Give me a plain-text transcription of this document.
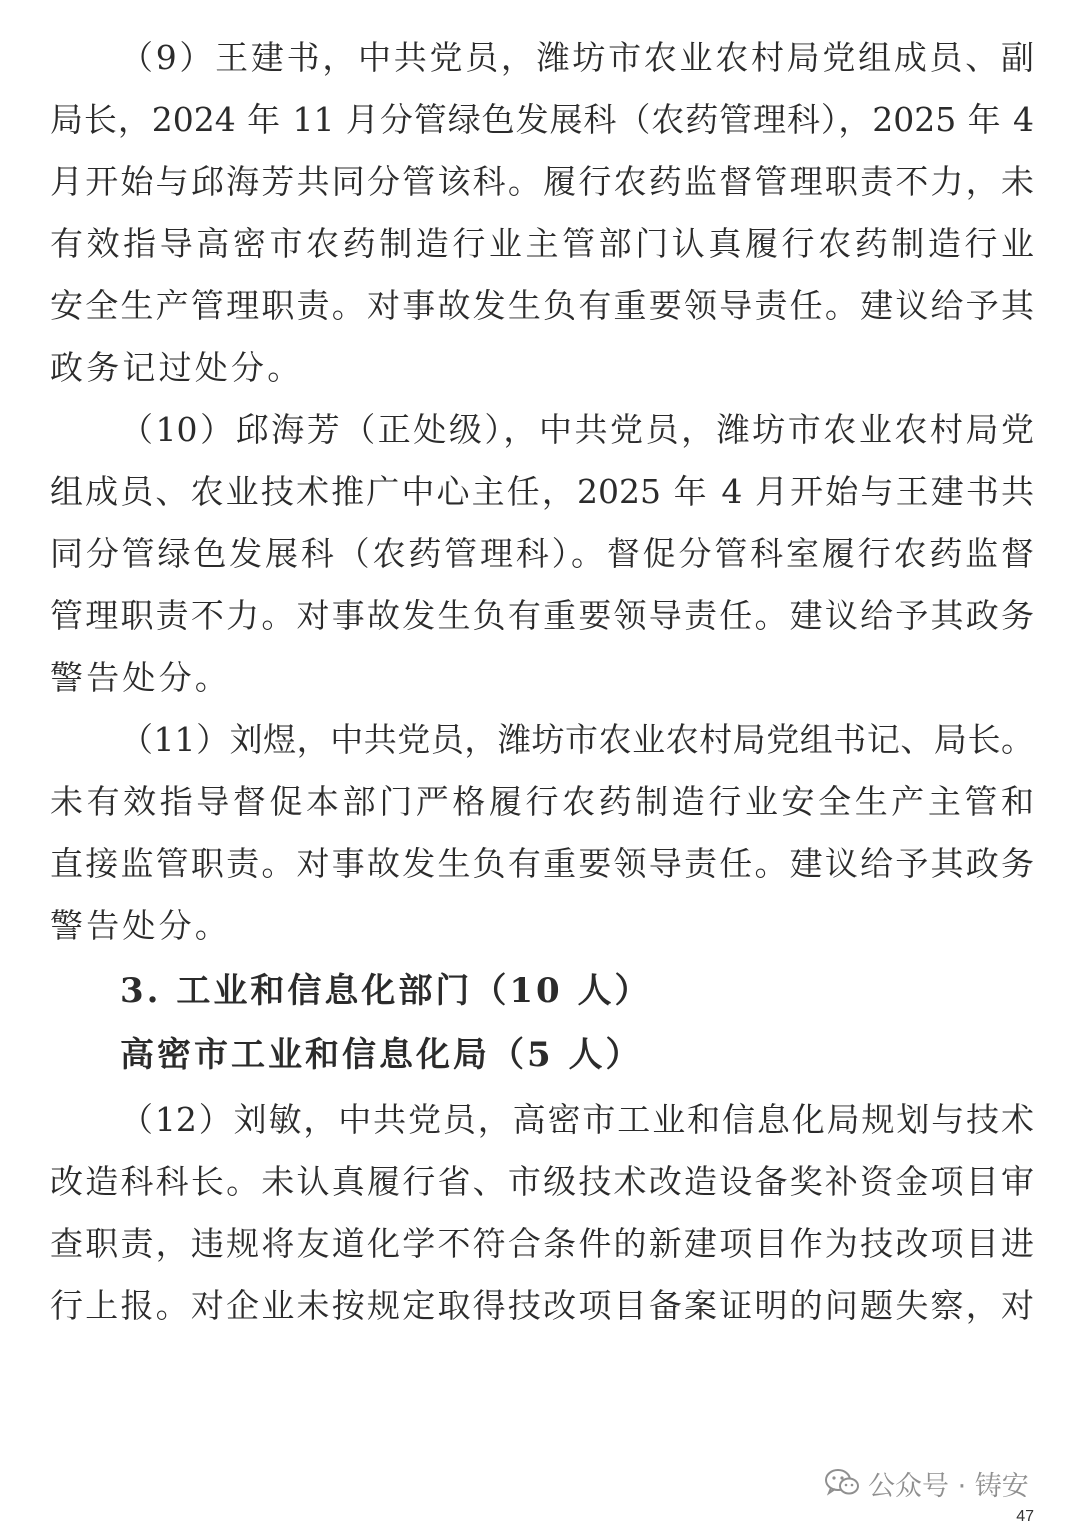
（9）王建书，中共党员，潍坊市农业农村局党组成员、副
局长，2024 年 11 月分管绿色发展科（农药管理科），2025 年 4
月开始与邱海芳共同分管该科。履行农药监督管理职责不力，未
有效指导高密市农药制造行业主管部门认真履行农药制造行业
安全生产管理职责。对事故发生负有重要领导责任。建议给予其
政务记过处分。
（10）邱海芳（正处级），中共党员，潍坊市农业农村局党
组成员、农业技术推广中心主任，2025 年 4 月开始与王建书共
同分管绿色发展科（农药管理科）。督促分管科室履行农药监督
管理职责不力。对事故发生负有重要领导责任。建议给予其政务
警告处分。
（11）刘煜，中共党员，潍坊市农业农村局党组书记、局长。
未有效指导督促本部门严格履行农药制造行业安全生产主管和
直接监管职责。对事故发生负有重要领导责任。建议给予其政务
警告处分。
3. 工业和信息化部门（10 人）
高密市工业和信息化局（5 人）
（12）刘敏，中共党员，高密市工业和信息化局规划与技术
改造科科长。未认真履行省、市级技术改造设备奖补资金项目审
查职责，违规将友道化学不符合条件的新建项目作为技改项目进
行上报。对企业未按规定取得技改项目备案证明的问题失察，对
公众号 · 铸安
47
